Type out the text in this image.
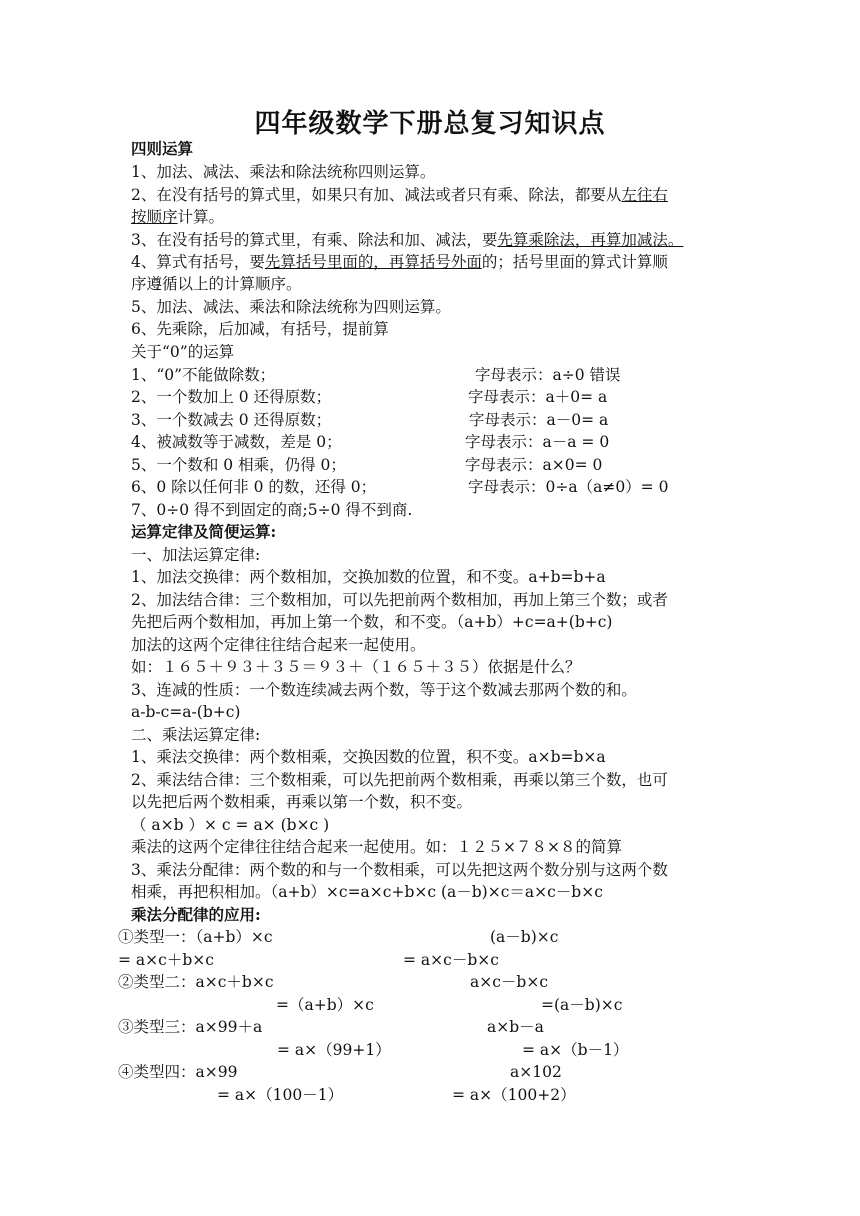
四年级数学下册总复习知识点
四则运算
1、加法、减法、乘法和除法统称四则运算。
2、在没有括号的算式里，如果只有加、减法或者只有乘、除法，都要从左往右
按顺序计算。
3、在没有括号的算式里，有乘、除法和加、减法，要先算乘除法，再算加减法。
4、算式有括号，要先算括号里面的，再算括号外面的；括号里面的算式计算顺
序遵循以上的计算顺序。
5、加法、减法、乘法和除法统称为四则运算。
6、先乘除，后加减，有括号，提前算
关于“0”的运算
1、“0”不能做除数；	字母表示：a÷0 错误
2、一个数加上 0 还得原数；	字母表示：a＋0= a
3、一个数减去 0 还得原数；	字母表示：a－0= a
4、被减数等于减数，差是 0；	字母表示：a－a = 0
5、一个数和 0 相乘，仍得 0；	字母表示：a×0= 0
6、0 除以任何非 0 的数，还得 0；	字母表示：0÷a（a≠0）= 0
7、0÷0 得不到固定的商;5÷0 得不到商.
运算定律及简便运算:
一、加法运算定律:
1、加法交换律：两个数相加，交换加数的位置，和不变。a+b=b+a
2、加法结合律：三个数相加，可以先把前两个数相加，再加上第三个数；或者
先把后两个数相加，再加上第一个数，和不变。（a+b）+c=a+(b+c)
加法的这两个定律往往结合起来一起使用。
如：１６５＋９３＋３５＝９３＋（１６５＋３５）依据是什么？
3、连减的性质：一个数连续减去两个数，等于这个数减去那两个数的和。
a-b-c=a-(b+c)
二、乘法运算定律:
1、乘法交换律：两个数相乘，交换因数的位置，积不变。a×b=b×a
2、乘法结合律：三个数相乘，可以先把前两个数相乘，再乘以第三个数，也可
以先把后两个数相乘，再乘以第一个数，积不变。
（ a×b ）× c = a× (b×c )
乘法的这两个定律往往结合起来一起使用。如：１２５×７８×８的简算
3、乘法分配律：两个数的和与一个数相乘，可以先把这两个数分别与这两个数
相乘，再把积相加。（a+b）×c=a×c+b×c (a－b)×c＝a×c－b×c
乘法分配律的应用:
①类型一：（a+b）×c	(a－b)×c
= a×c＋b×c	= a×c－b×c
②类型二：a×c＋b×c	a×c－b×c
=（a+b）×c	=(a－b)×c
③类型三：a×99＋a	a×b－a
= a×（99+1）	= a×（b－1）
④类型四：a×99	a×102
= a×（100－1）	= a×（100+2）
